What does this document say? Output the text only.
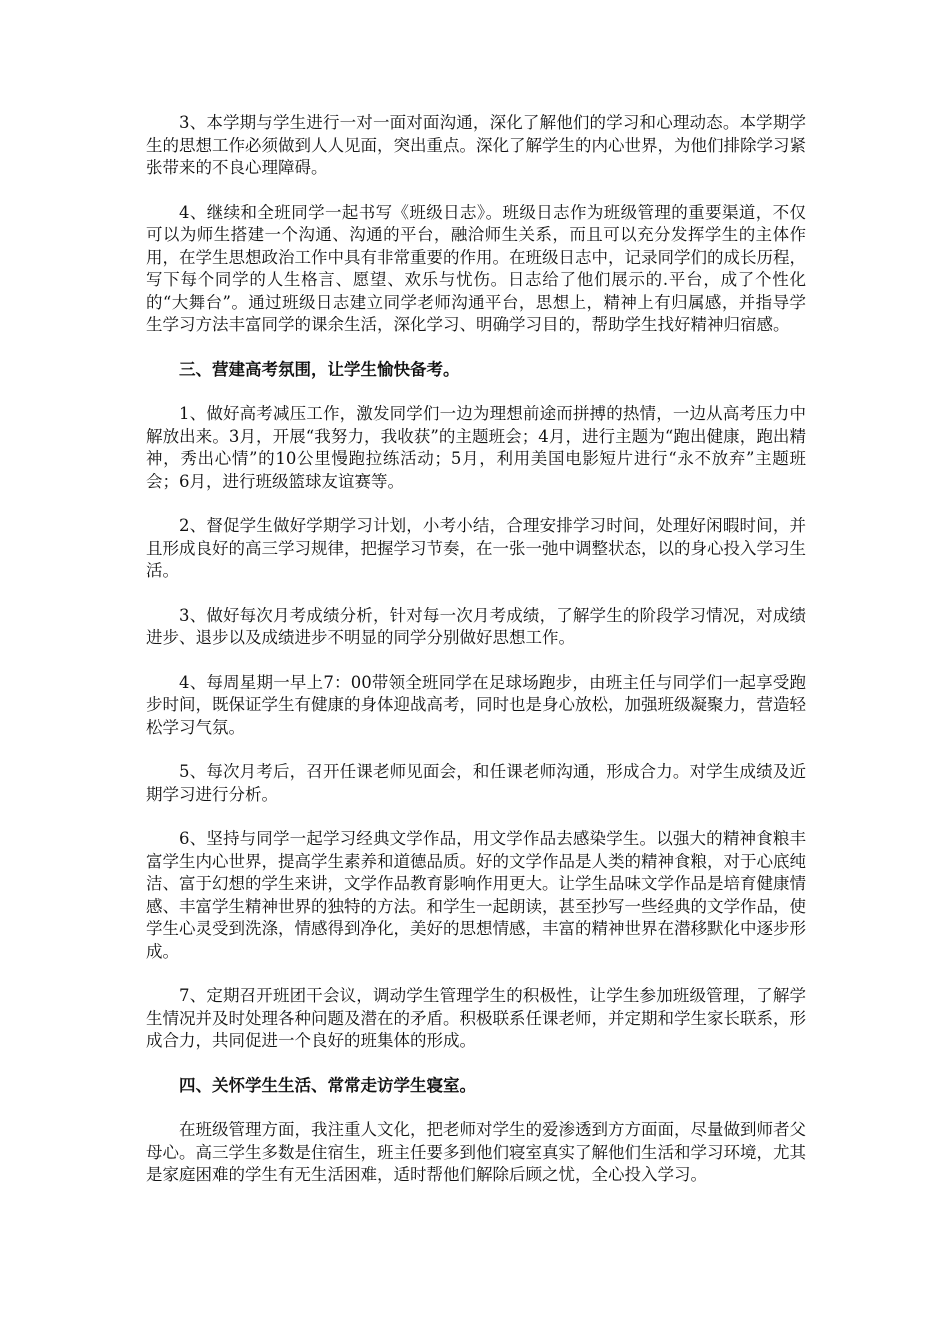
3、本学期与学生进行一对一面对面沟通，深化了解他们的学习和心理动态。本学期学生的思想工作必须做到人人见面，突出重点。深化了解学生的内心世界，为他们排除学习紧张带来的不良心理障碍。

4、继续和全班同学一起书写《班级日志》。班级日志作为班级管理的重要渠道，不仅可以为师生搭建一个沟通、沟通的平台，融洽师生关系，而且可以充分发挥学生的主体作用，在学生思想政治工作中具有非常重要的作用。在班级日志中，记录同学们的成长历程，写下每个同学的人生格言、愿望、欢乐与忧伤。日志给了他们展示的.平台，成了个性化的“大舞台”。通过班级日志建立同学老师沟通平台，思想上，精神上有归属感，并指导学生学习方法丰富同学的课余生活，深化学习、明确学习目的，帮助学生找好精神归宿感。

三、营建高考氛围，让学生愉快备考。

1、做好高考减压工作，激发同学们一边为理想前途而拼搏的热情，一边从高考压力中解放出来。3月，开展“我努力，我收获”的主题班会；4月，进行主题为“跑出健康，跑出精神，秀出心情”的10公里慢跑拉练活动；5月，利用美国电影短片进行“永不放弃”主题班会；6月，进行班级篮球友谊赛等。

2、督促学生做好学期学习计划，小考小结，合理安排学习时间，处理好闲暇时间，并且形成良好的高三学习规律，把握学习节奏，在一张一弛中调整状态，以的身心投入学习生活。

3、做好每次月考成绩分析，针对每一次月考成绩，了解学生的阶段学习情况，对成绩进步、退步以及成绩进步不明显的同学分别做好思想工作。

4、每周星期一早上7：00带领全班同学在足球场跑步，由班主任与同学们一起享受跑步时间，既保证学生有健康的身体迎战高考，同时也是身心放松，加强班级凝聚力，营造轻松学习气氛。

5、每次月考后，召开任课老师见面会，和任课老师沟通，形成合力。对学生成绩及近期学习进行分析。

6、坚持与同学一起学习经典文学作品，用文学作品去感染学生。以强大的精神食粮丰富学生内心世界，提高学生素养和道德品质。好的文学作品是人类的精神食粮，对于心底纯洁、富于幻想的学生来讲，文学作品教育影响作用更大。让学生品味文学作品是培育健康情感、丰富学生精神世界的独特的方法。和学生一起朗读，甚至抄写一些经典的文学作品，使学生心灵受到洗涤，情感得到净化，美好的思想情感，丰富的精神世界在潜移默化中逐步形成。

7、定期召开班团干会议，调动学生管理学生的积极性，让学生参加班级管理，了解学生情况并及时处理各种问题及潜在的矛盾。积极联系任课老师，并定期和学生家长联系，形成合力，共同促进一个良好的班集体的形成。

四、关怀学生生活、常常走访学生寝室。

在班级管理方面，我注重人文化，把老师对学生的爱渗透到方方面面，尽量做到师者父母心。高三学生多数是住宿生，班主任要多到他们寝室真实了解他们生活和学习环境，尤其是家庭困难的学生有无生活困难，适时帮他们解除后顾之忧，全心投入学习。
